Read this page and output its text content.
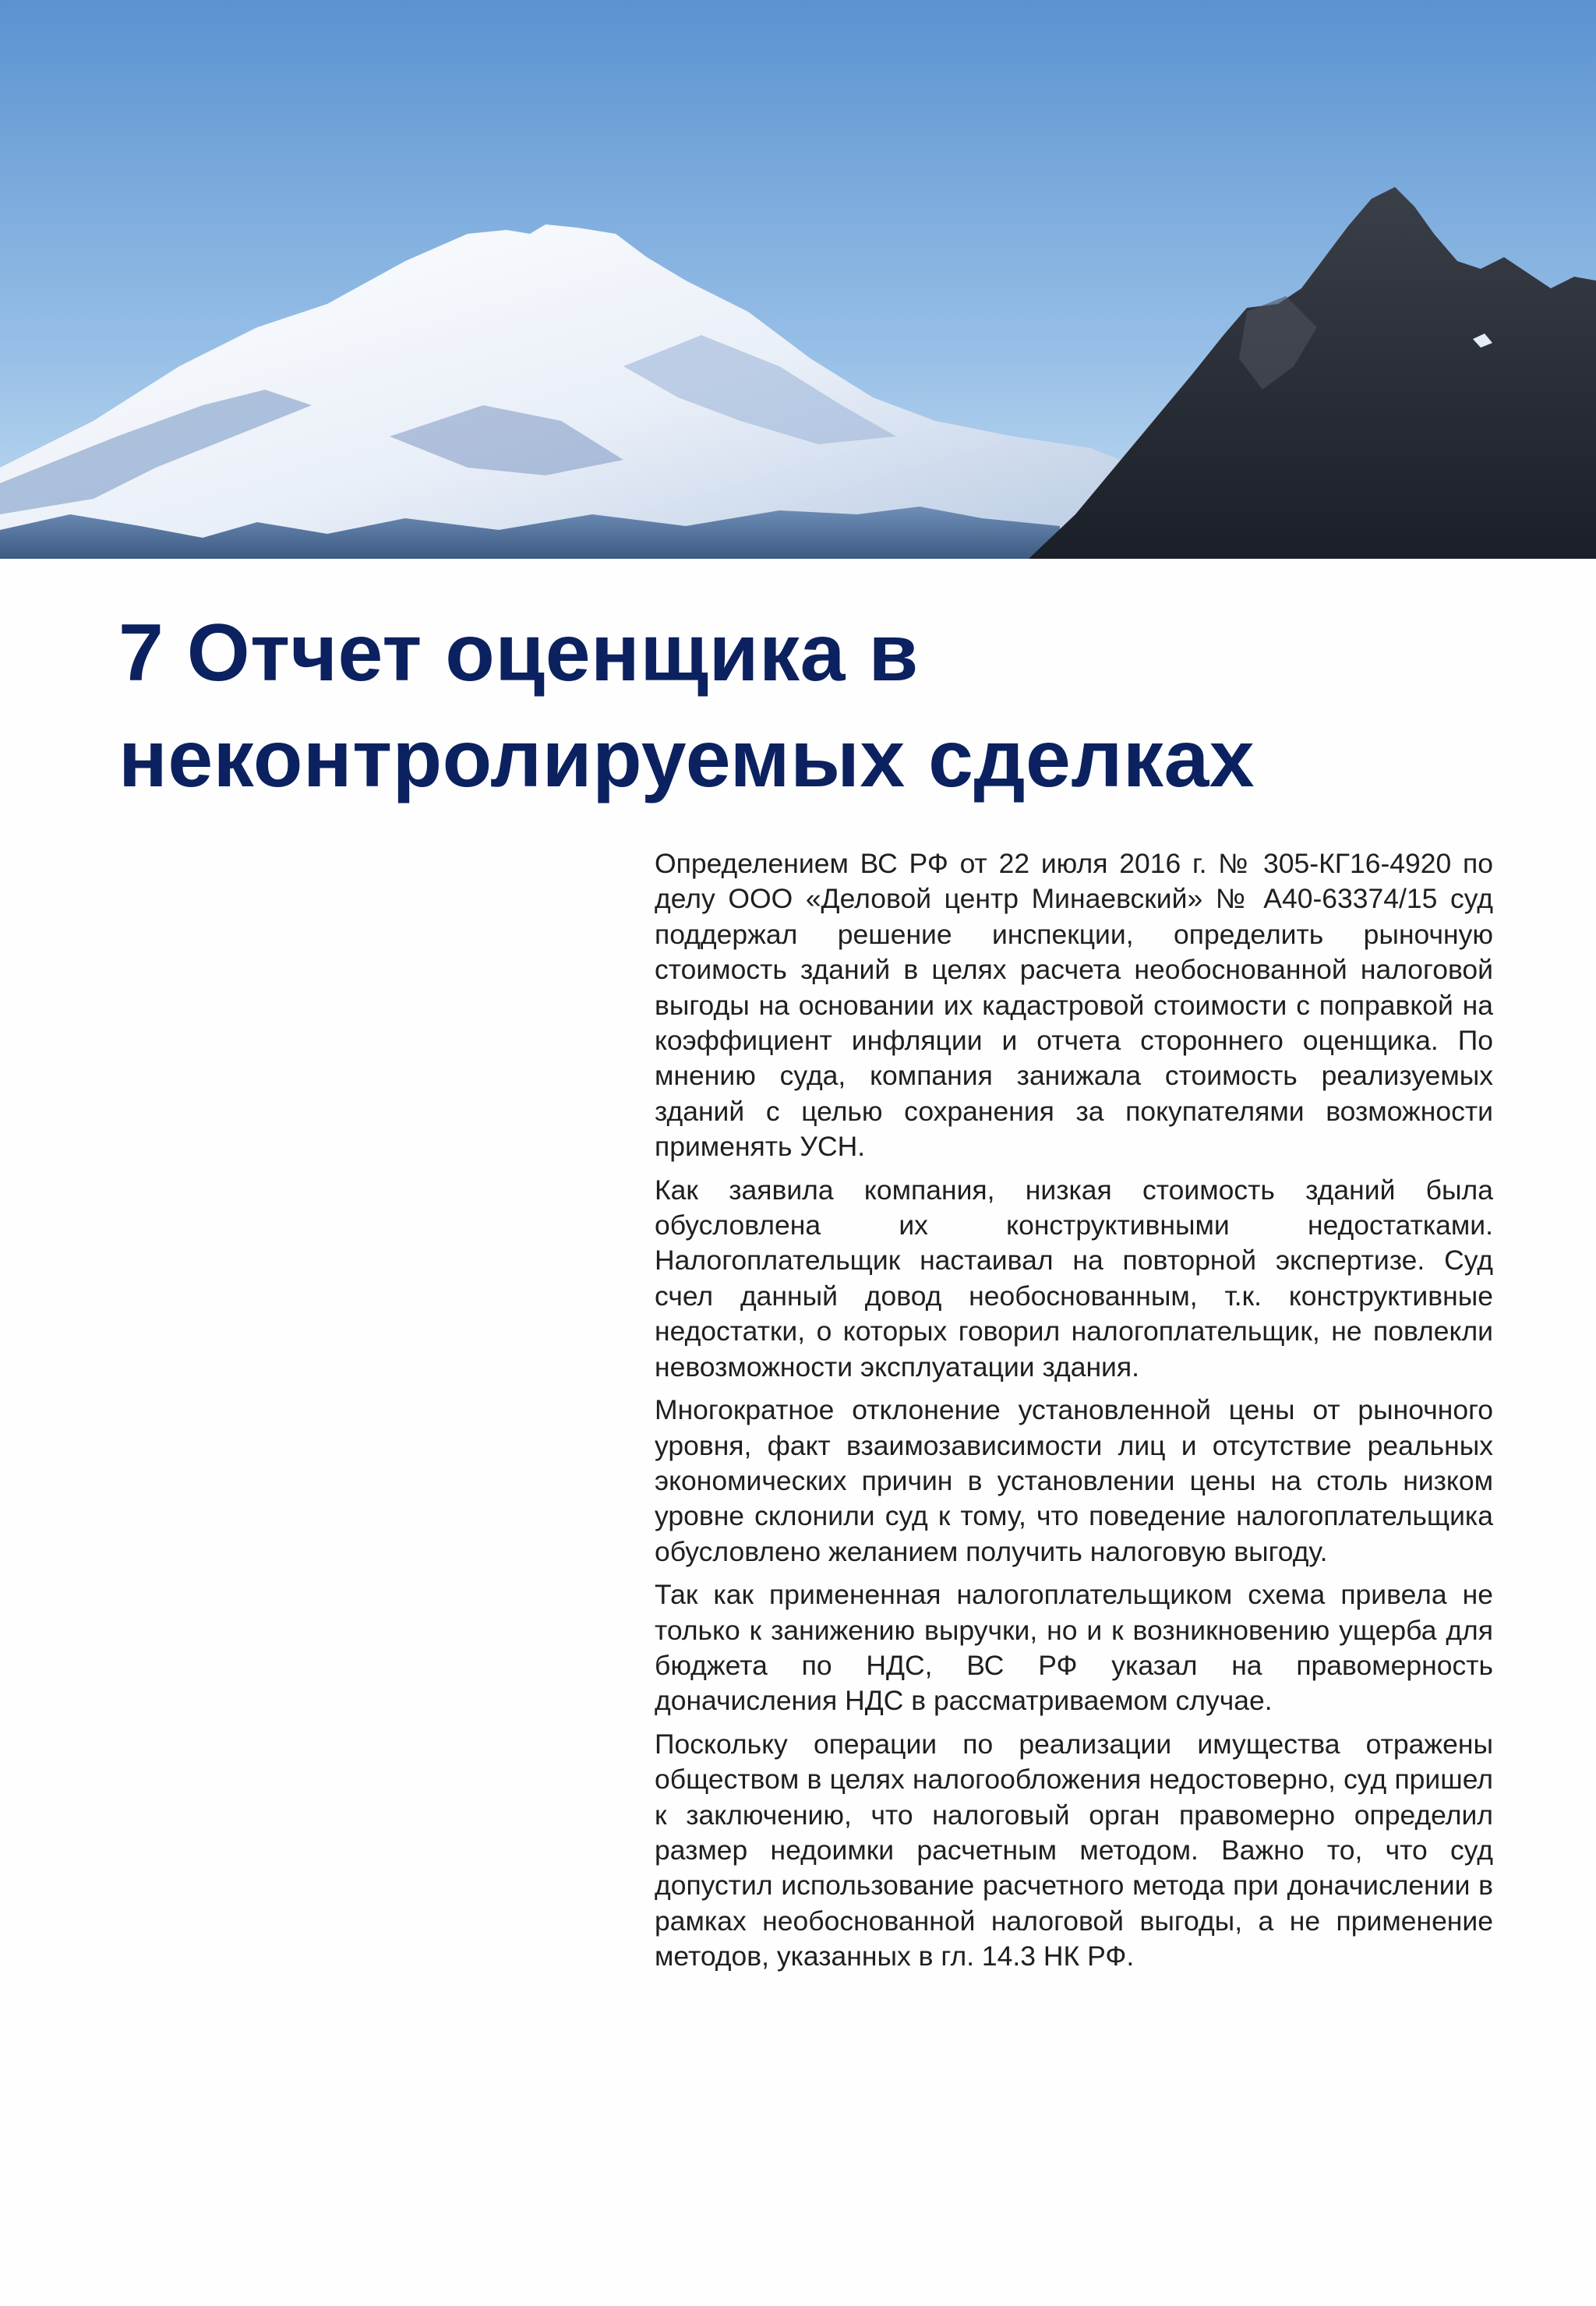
7 Отчет оценщика в
неконтролируемых сделках

Определением ВС РФ от 22 июля 2016 г. № 305-КГ16-4920 по делу ООО «Деловой центр Минаевский» № А40-63374/15 суд поддержал решение инспекции, определить рыночную стоимость зданий в целях расчета необоснованной налоговой выгоды на основании их кадастровой стоимости с поправкой на коэффициент инфляции и отчета стороннего оценщика. По мнению суда, компания занижала стоимость реализуемых зданий с целью сохранения за покупателями возможности применять УСН.

Как заявила компания, низкая стоимость зданий была обусловлена их конструктивными недостатками. Налогоплательщик настаивал на повторной экспертизе. Суд счел данный довод необоснованным, т.к. конструктивные недостатки, о которых говорил налогоплательщик, не повлекли невозможности эксплуатации здания.

Многократное отклонение установленной цены от рыночного уровня, факт взаимозависимости лиц и отсутствие реальных экономических причин в установлении цены на столь низком уровне склонили суд к тому, что поведение налогоплательщика обусловлено желанием получить налоговую выгоду.

Так как примененная налогоплательщиком схема привела не только к занижению выручки, но и к возникновению ущерба для бюджета по НДС, ВС РФ указал на правомерность доначисления НДС в рассматриваемом случае.

Поскольку операции по реализации имущества отражены обществом в целях налогообложения недостоверно, суд пришел к заключению, что налоговый орган правомерно определил размер недоимки расчетным методом. Важно то, что суд допустил использование расчетного метода при доначислении в рамках необоснованной налоговой выгоды, а не применение методов, указанных в гл. 14.3 НК РФ.
